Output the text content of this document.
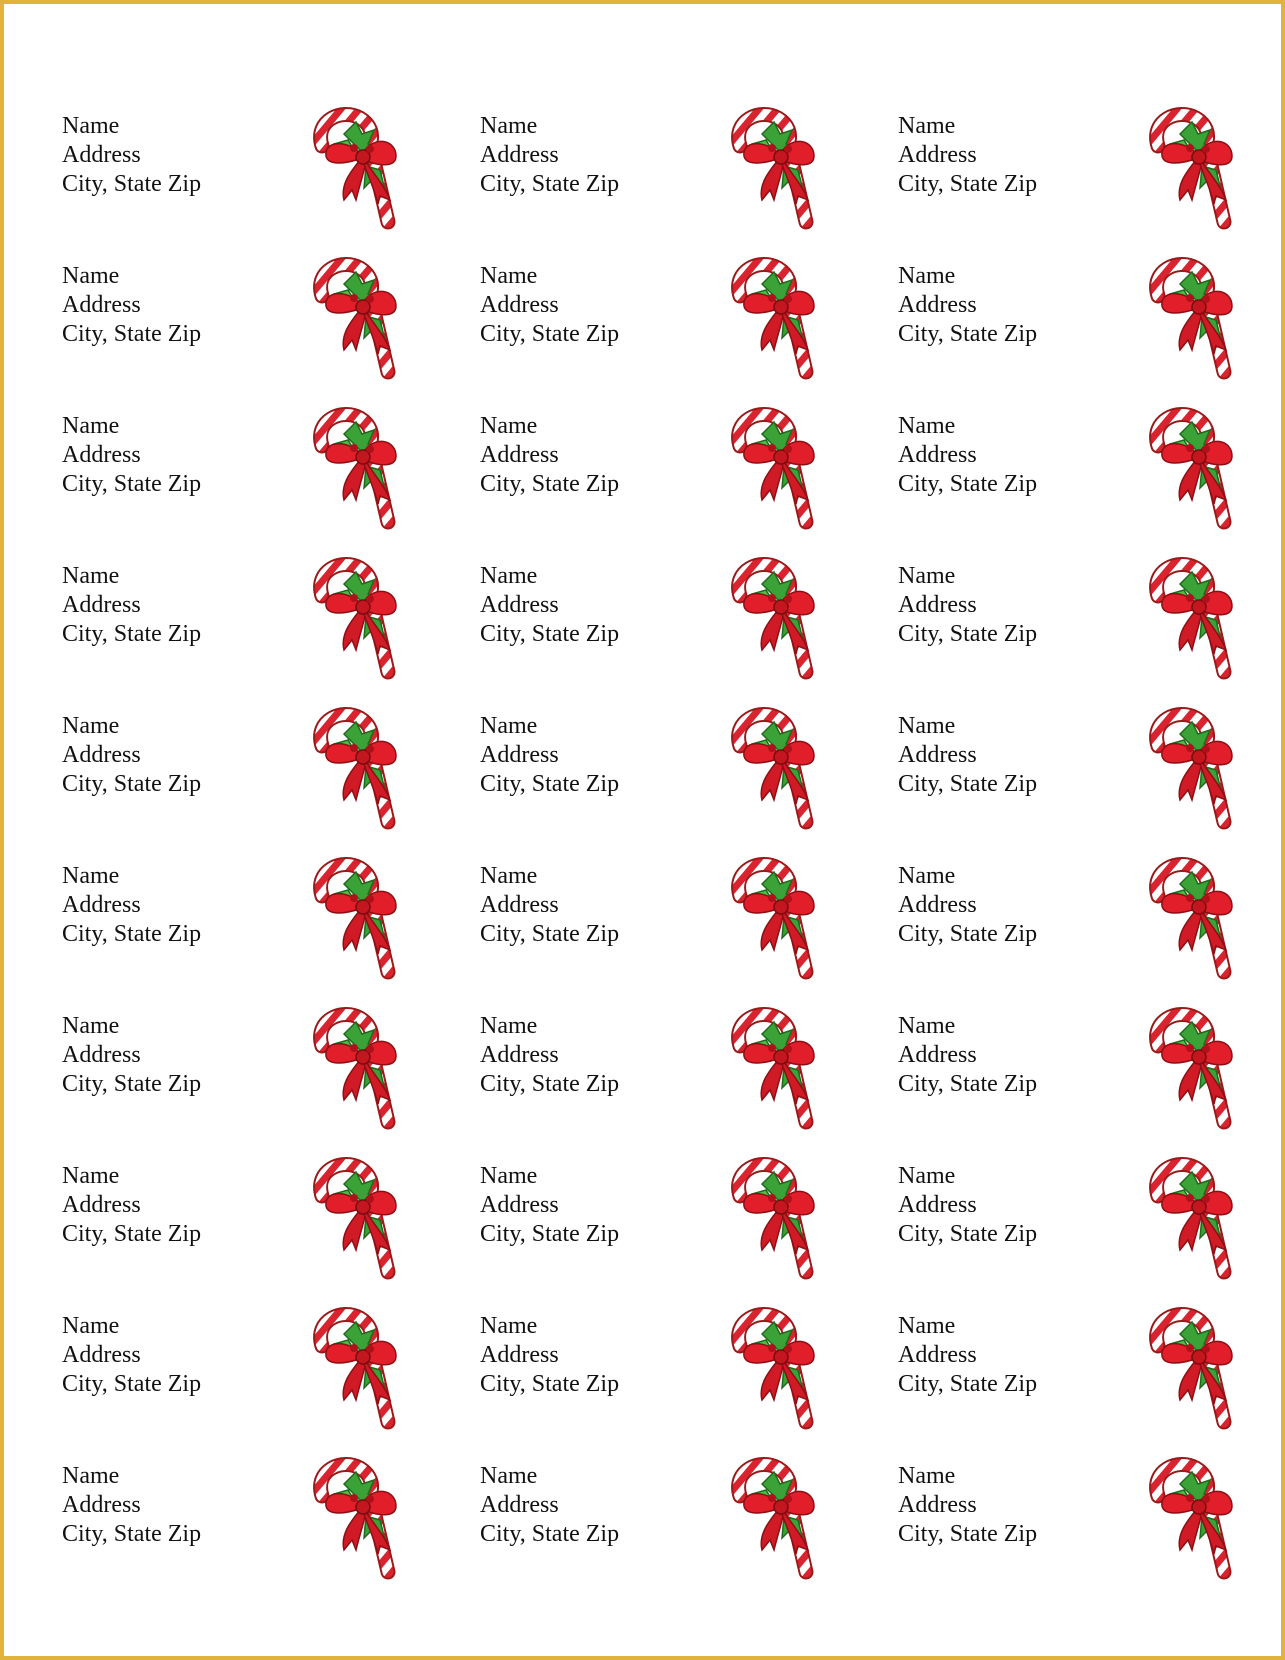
Name
Address
City, State Zip
Name
Address
City, State Zip
Name
Address
City, State Zip
Name
Address
City, State Zip
Name
Address
City, State Zip
Name
Address
City, State Zip
Name
Address
City, State Zip
Name
Address
City, State Zip
Name
Address
City, State Zip
Name
Address
City, State Zip
Name
Address
City, State Zip
Name
Address
City, State Zip
Name
Address
City, State Zip
Name
Address
City, State Zip
Name
Address
City, State Zip
Name
Address
City, State Zip
Name
Address
City, State Zip
Name
Address
City, State Zip
Name
Address
City, State Zip
Name
Address
City, State Zip
Name
Address
City, State Zip
Name
Address
City, State Zip
Name
Address
City, State Zip
Name
Address
City, State Zip
Name
Address
City, State Zip
Name
Address
City, State Zip
Name
Address
City, State Zip
Name
Address
City, State Zip
Name
Address
City, State Zip
Name
Address
City, State Zip
